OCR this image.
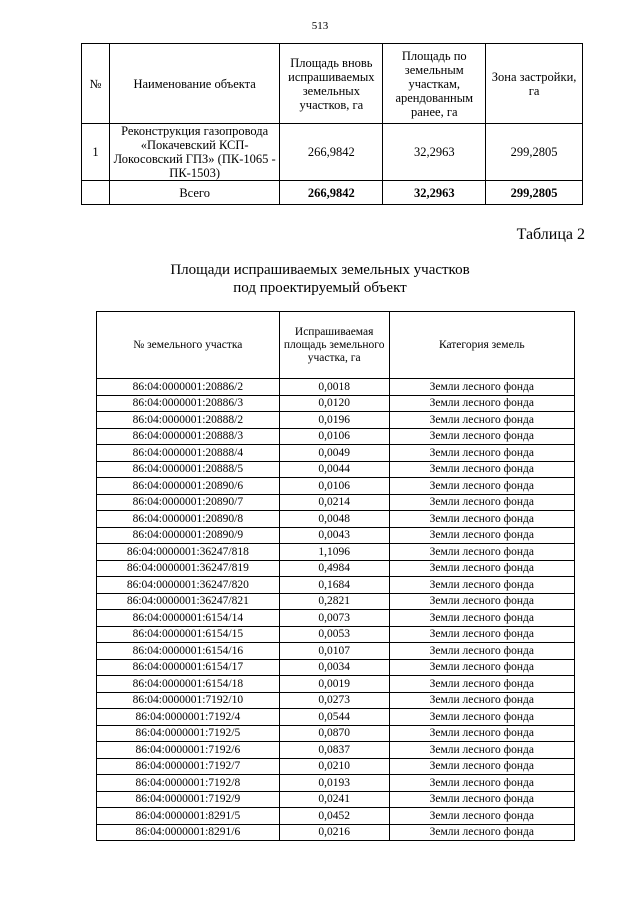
513
№	Наименование объекта	Площадь вновь испрашиваемых земельных участков, га	Площадь по земельным участкам, арендованным ранее, га	Зона застройки, га
1	Реконструкция газопровода «Покачевский КСП-Локосовский ГПЗ» (ПК-1065 - ПК-1503)	266,9842	32,2963	299,2805
	Всего	266,9842	32,2963	299,2805
Таблица 2
Площади испрашиваемых земельных участков
под проектируемый объект
№ земельного участка	Испрашиваемая площадь земельного участка, га	Категория земель
86:04:0000001:20886/2	0,0018	Земли лесного фонда
86:04:0000001:20886/3	0,0120	Земли лесного фонда
86:04:0000001:20888/2	0,0196	Земли лесного фонда
86:04:0000001:20888/3	0,0106	Земли лесного фонда
86:04:0000001:20888/4	0,0049	Земли лесного фонда
86:04:0000001:20888/5	0,0044	Земли лесного фонда
86:04:0000001:20890/6	0,0106	Земли лесного фонда
86:04:0000001:20890/7	0,0214	Земли лесного фонда
86:04:0000001:20890/8	0,0048	Земли лесного фонда
86:04:0000001:20890/9	0,0043	Земли лесного фонда
86:04:0000001:36247/818	1,1096	Земли лесного фонда
86:04:0000001:36247/819	0,4984	Земли лесного фонда
86:04:0000001:36247/820	0,1684	Земли лесного фонда
86:04:0000001:36247/821	0,2821	Земли лесного фонда
86:04:0000001:6154/14	0,0073	Земли лесного фонда
86:04:0000001:6154/15	0,0053	Земли лесного фонда
86:04:0000001:6154/16	0,0107	Земли лесного фонда
86:04:0000001:6154/17	0,0034	Земли лесного фонда
86:04:0000001:6154/18	0,0019	Земли лесного фонда
86:04:0000001:7192/10	0,0273	Земли лесного фонда
86:04:0000001:7192/4	0,0544	Земли лесного фонда
86:04:0000001:7192/5	0,0870	Земли лесного фонда
86:04:0000001:7192/6	0,0837	Земли лесного фонда
86:04:0000001:7192/7	0,0210	Земли лесного фонда
86:04:0000001:7192/8	0,0193	Земли лесного фонда
86:04:0000001:7192/9	0,0241	Земли лесного фонда
86:04:0000001:8291/5	0,0452	Земли лесного фонда
86:04:0000001:8291/6	0,0216	Земли лесного фонда
